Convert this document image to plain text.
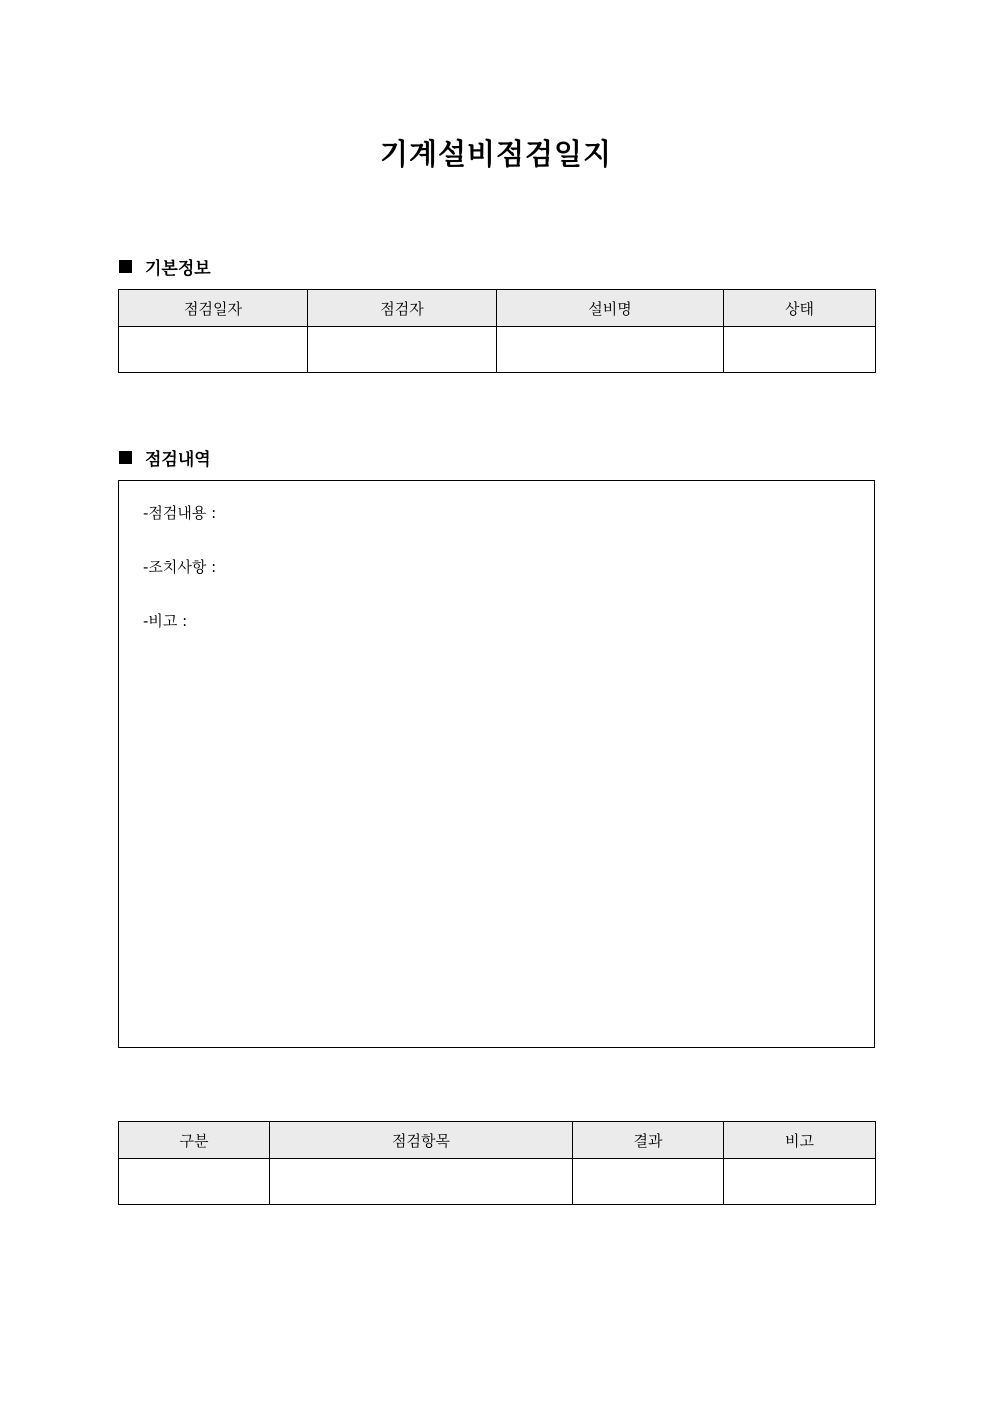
기계설비점검일지
기본정보
점검일자	점검자	설비명	상태

점검내역
-점검내용 :
-조치사항 :
-비고 :
구분	점검항목	결과	비고
